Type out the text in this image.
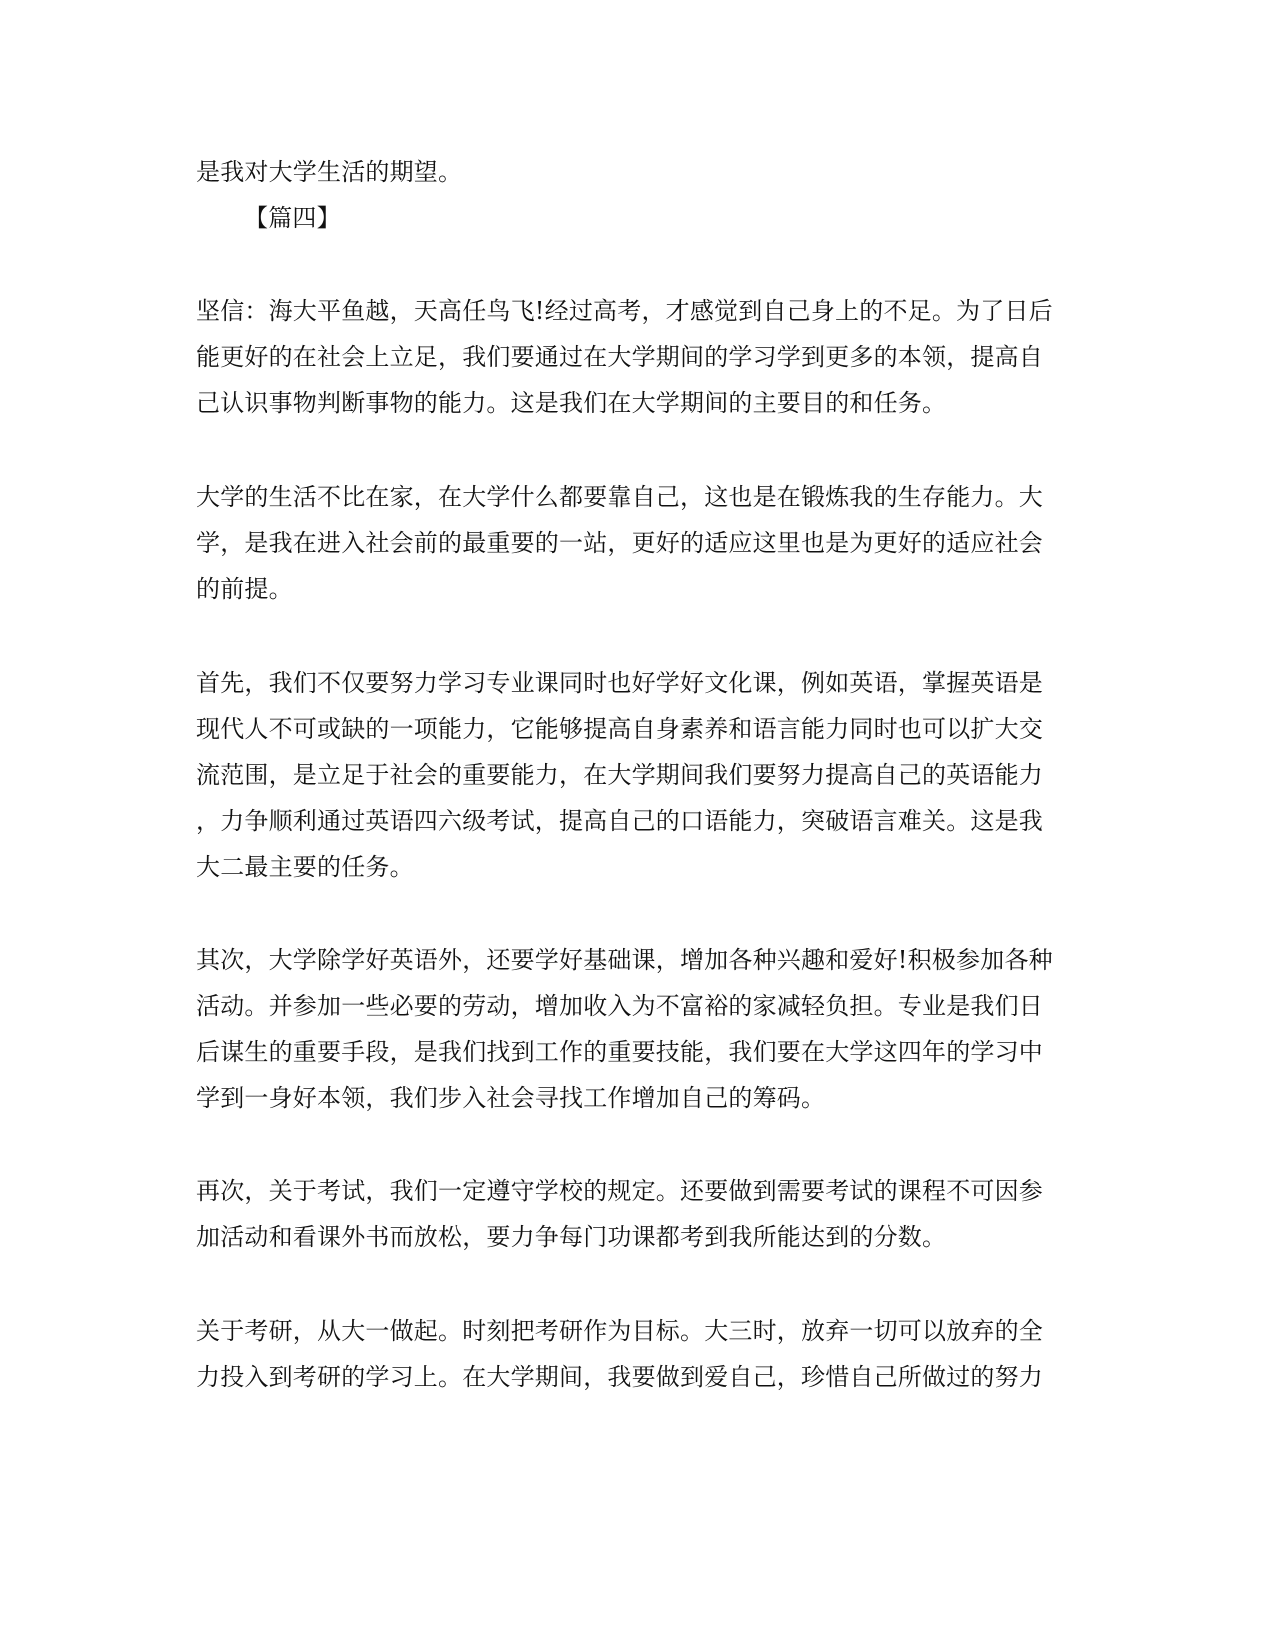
是我对大学生活的期望。
【篇四】
坚信：海大平鱼越，天高任鸟飞!经过高考，才感觉到自己身上的不足。为了日后
能更好的在社会上立足，我们要通过在大学期间的学习学到更多的本领，提高自
己认识事物判断事物的能力。这是我们在大学期间的主要目的和任务。
大学的生活不比在家，在大学什么都要靠自己，这也是在锻炼我的生存能力。大
学，是我在进入社会前的最重要的一站，更好的适应这里也是为更好的适应社会
的前提。
首先，我们不仅要努力学习专业课同时也好学好文化课，例如英语，掌握英语是
现代人不可或缺的一项能力，它能够提高自身素养和语言能力同时也可以扩大交
流范围，是立足于社会的重要能力，在大学期间我们要努力提高自己的英语能力
，力争顺利通过英语四六级考试，提高自己的口语能力，突破语言难关。这是我
大二最主要的任务。
其次，大学除学好英语外，还要学好基础课，增加各种兴趣和爱好!积极参加各种
活动。并参加一些必要的劳动，增加收入为不富裕的家减轻负担。专业是我们日
后谋生的重要手段，是我们找到工作的重要技能，我们要在大学这四年的学习中
学到一身好本领，我们步入社会寻找工作增加自己的筹码。
再次，关于考试，我们一定遵守学校的规定。还要做到需要考试的课程不可因参
加活动和看课外书而放松，要力争每门功课都考到我所能达到的分数。
关于考研，从大一做起。时刻把考研作为目标。大三时，放弃一切可以放弃的全
力投入到考研的学习上。在大学期间，我要做到爱自己，珍惜自己所做过的努力
